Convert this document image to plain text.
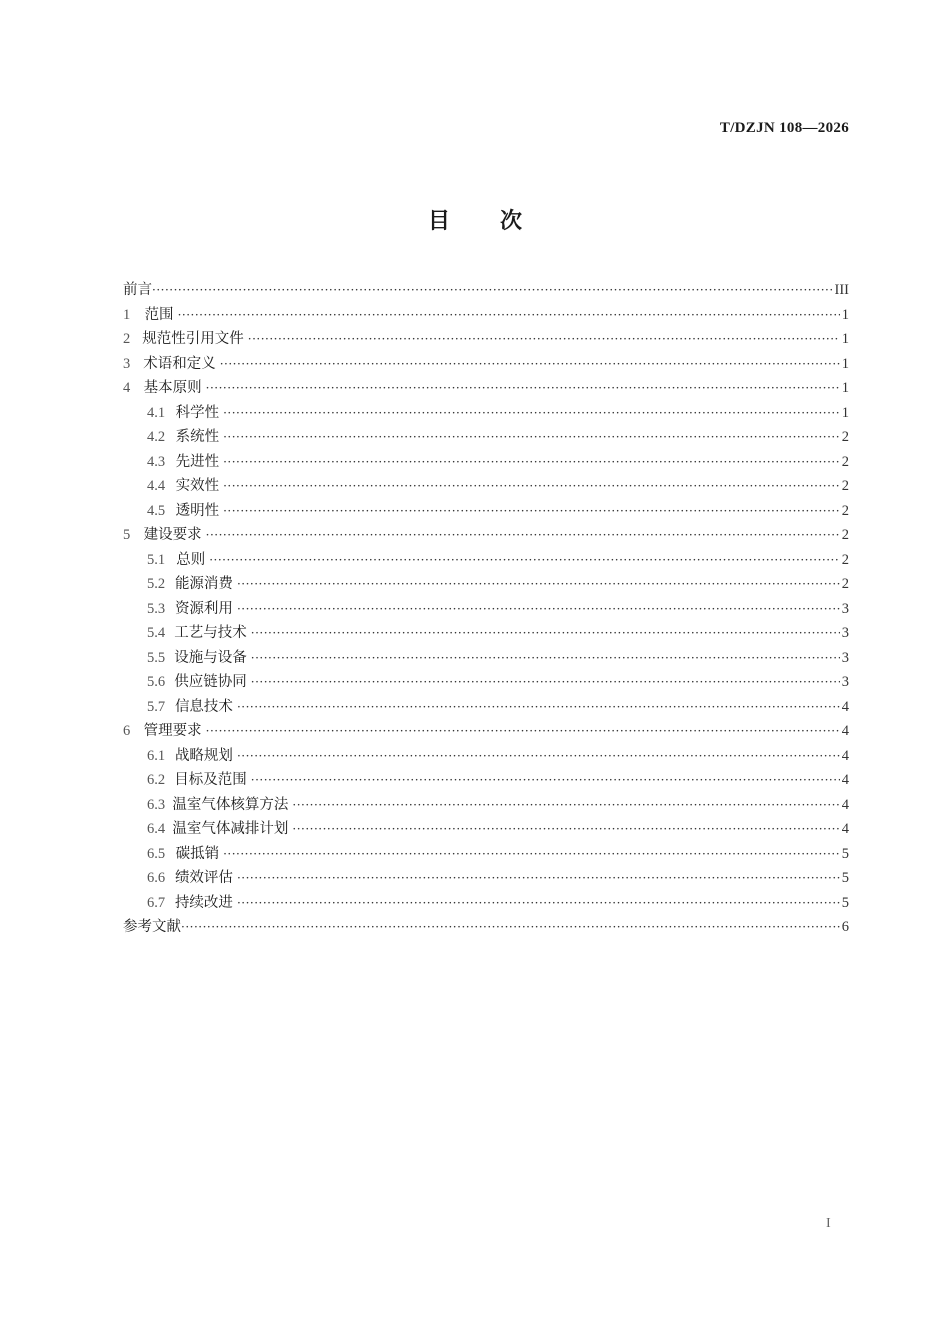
T/DZJN 108—2026
目次
前言 ·····	III
1 范围 ·····	1
2 规范性引用文件 ·····	1
3 术语和定义 ·····	1
4 基本原则 ·····	1
4.1 科学性 ·····	1
4.2 系统性 ·····	2
4.3 先进性 ·····	2
4.4 实效性 ·····	2
4.5 透明性 ·····	2
5 建设要求 ·····	2
5.1 总则 ·····	2
5.2 能源消费 ·····	2
5.3 资源利用 ·····	3
5.4 工艺与技术 ·····	3
5.5 设施与设备 ·····	3
5.6 供应链协同 ·····	3
5.7 信息技术 ·····	4
6 管理要求 ·····	4
6.1 战略规划 ·····	4
6.2 目标及范围 ·····	4
6.3 温室气体核算方法 ·····	4
6.4 温室气体减排计划 ·····	4
6.5 碳抵销 ·····	5
6.6 绩效评估 ·····	5
6.7 持续改进 ·····	5
参考文献 ·····	6
I
